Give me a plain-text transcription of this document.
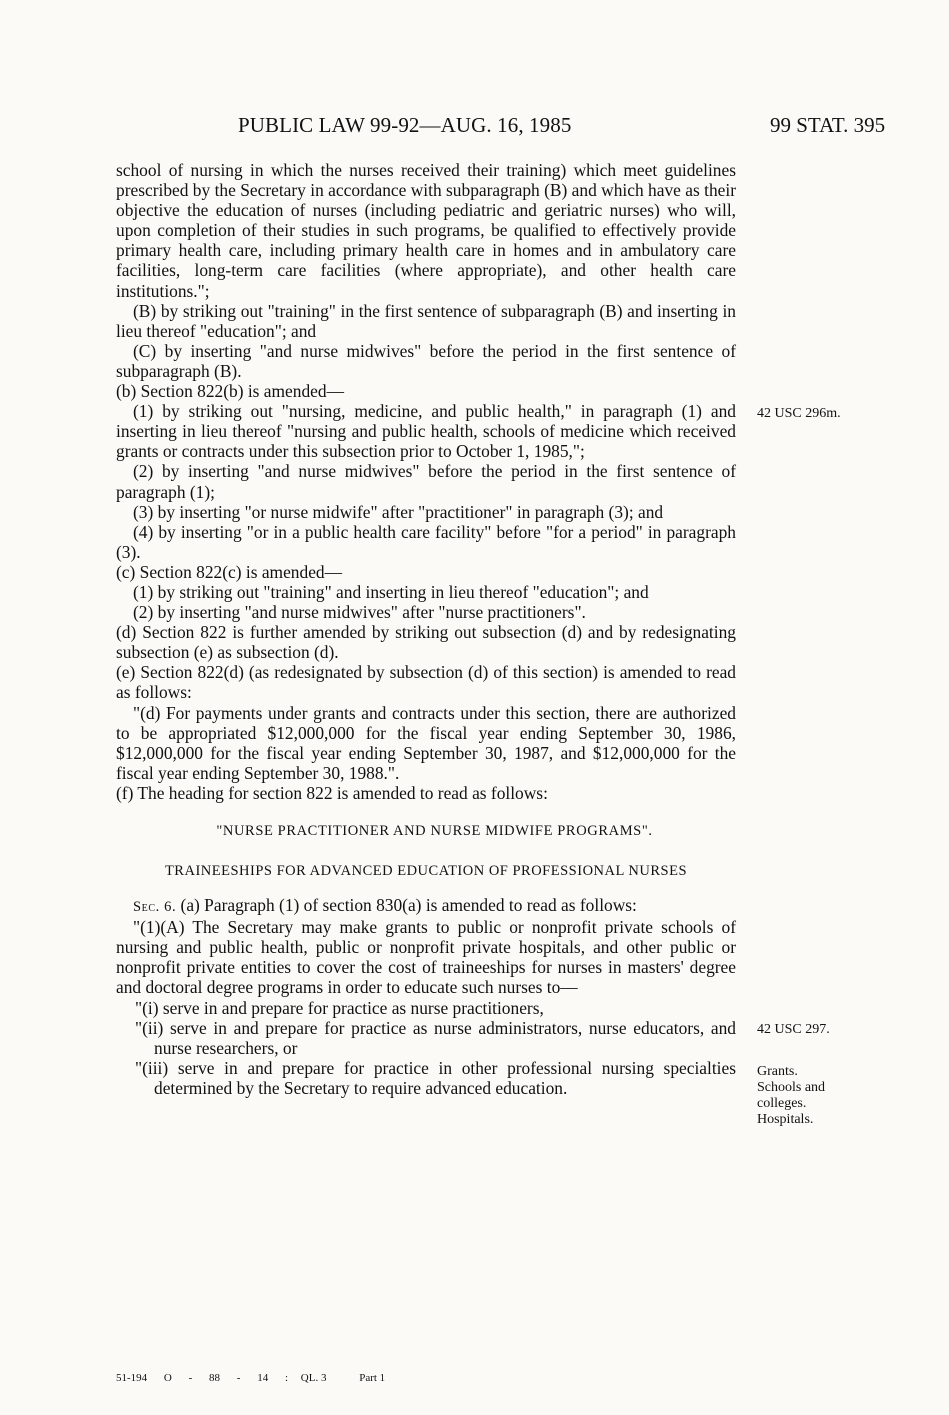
PUBLIC LAW 99-92—AUG. 16, 1985	99 STAT. 395

school of nursing in which the nurses received their training) which meet guidelines prescribed by the Secretary in accordance with subparagraph (B) and which have as their objective the education of nurses (including pediatric and geriatric nurses) who will, upon completion of their studies in such programs, be qualified to effectively provide primary health care, including primary health care in homes and in ambulatory care facilities, long-term care facilities (where appropriate), and other health care institutions.";

(B) by striking out "training" in the first sentence of subparagraph (B) and inserting in lieu thereof "education"; and

(C) by inserting "and nurse midwives" before the period in the first sentence of subparagraph (B).

(b) Section 822(b) is amended—

(1) by striking out "nursing, medicine, and public health," in paragraph (1) and inserting in lieu thereof "nursing and public health, schools of medicine which received grants or contracts under this subsection prior to October 1, 1985,";

(2) by inserting "and nurse midwives" before the period in the first sentence of paragraph (1);

(3) by inserting "or nurse midwife" after "practitioner" in paragraph (3); and

(4) by inserting "or in a public health care facility" before "for a period" in paragraph (3).

(c) Section 822(c) is amended—

(1) by striking out "training" and inserting in lieu thereof "education"; and

(2) by inserting "and nurse midwives" after "nurse practitioners".

(d) Section 822 is further amended by striking out subsection (d) and by redesignating subsection (e) as subsection (d).

(e) Section 822(d) (as redesignated by subsection (d) of this section) is amended to read as follows:

"(d) For payments under grants and contracts under this section, there are authorized to be appropriated $12,000,000 for the fiscal year ending September 30, 1986, $12,000,000 for the fiscal year ending September 30, 1987, and $12,000,000 for the fiscal year ending September 30, 1988.".

(f) The heading for section 822 is amended to read as follows:

"NURSE PRACTITIONER AND NURSE MIDWIFE PROGRAMS".

TRAINEESHIPS FOR ADVANCED EDUCATION OF PROFESSIONAL NURSES

Sec. 6. (a) Paragraph (1) of section 830(a) is amended to read as follows:

"(1)(A) The Secretary may make grants to public or nonprofit private schools of nursing and public health, public or nonprofit private hospitals, and other public or nonprofit private entities to cover the cost of traineeships for nurses in masters' degree and doctoral degree programs in order to educate such nurses to—

"(i) serve in and prepare for practice as nurse practitioners,

"(ii) serve in and prepare for practice as nurse administrators, nurse educators, and nurse researchers, or

"(iii) serve in and prepare for practice in other professional nursing specialties determined by the Secretary to require advanced education.

42 USC 296m.
42 USC 297.
Grants.
Schools and
colleges.
Hospitals.
51-194 O - 88 - 14 : QL. 3	Part 1
